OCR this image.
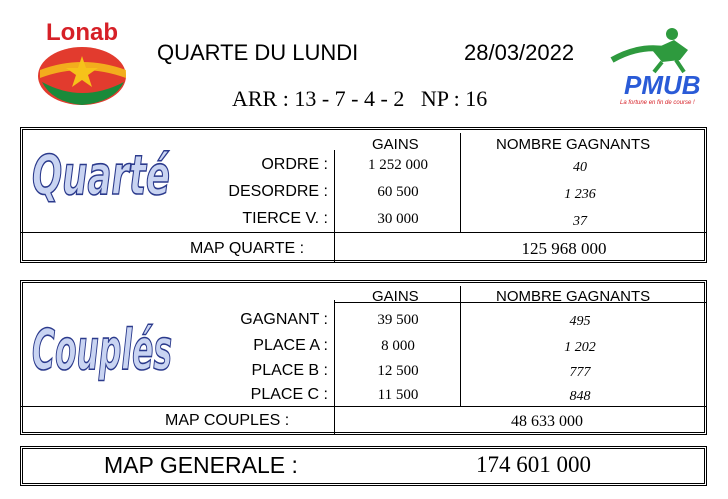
Lonab
QUARTE DU LUNDI	28/03/2022
ARR : 13 - 7 - 4 - 2   NP : 16	PMUB
La fortune en fin de course !
Quarté	GAINS	NOMBRE GAGNANTS
ORDRE :	1 252 000	40
DESORDRE :	60 500	1 236
TIERCE V. :	30 000	37
MAP QUARTE :	125 968 000
Couplés
GAINS	NOMBRE GAGNANTS
GAGNANT :	39 500	495
PLACE A :	8 000	1 202
PLACE B :	12 500	777
PLACE C :	11 500	848
MAP COUPLES :	48 633 000
MAP GENERALE :	174 601 000
